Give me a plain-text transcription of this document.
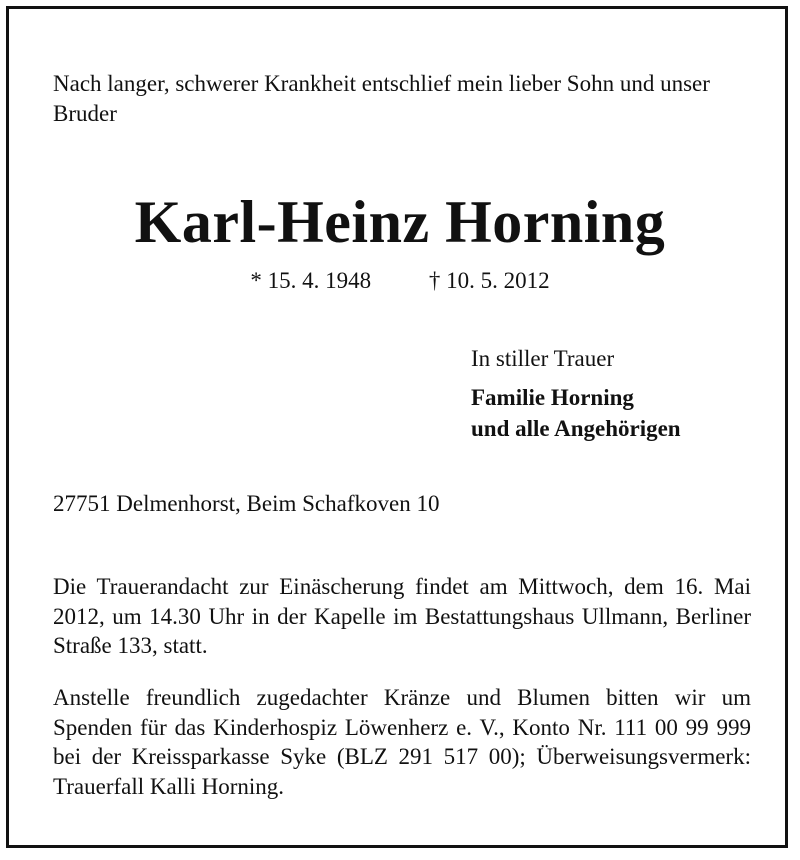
Nach langer, schwerer Krankheit entschlief mein lieber Sohn und unser Bruder
Karl-Heinz Horning
* 15. 4. 1948	† 10. 5. 2012
In stiller Trauer
Familie Horning
und alle Angehörigen
27751 Delmenhorst, Beim Schafkoven 10
Die Trauerandacht zur Einäscherung findet am Mittwoch, dem 16. Mai 2012, um 14.30 Uhr in der Kapelle im Bestattungshaus Ullmann, Berliner Straße 133, statt.
Anstelle freundlich zugedachter Kränze und Blumen bitten wir um Spenden für das Kinderhospiz Löwenherz e. V., Konto Nr. 111 00 99 999 bei der Kreissparkasse Syke (BLZ 291 517 00); Überweisungsvermerk: Trauerfall Kalli Horning.
